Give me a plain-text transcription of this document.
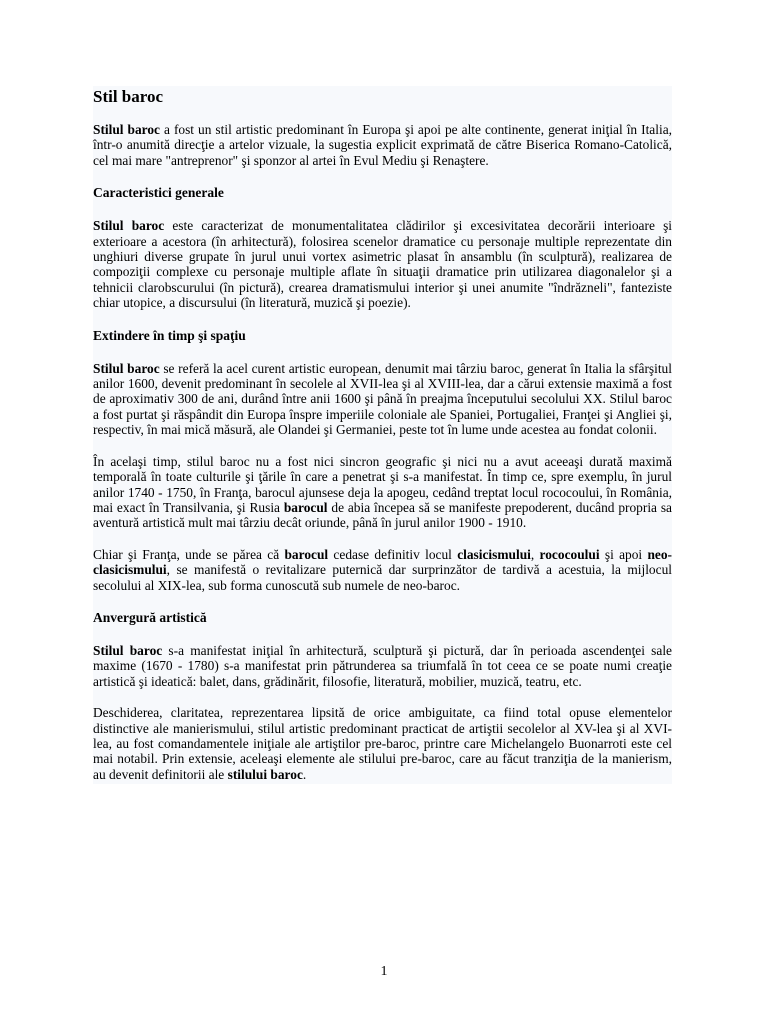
Stil baroc

Stilul baroc a fost un stil artistic predominant în Europa şi apoi pe alte continente, generat iniţial în Italia, într-o anumită direcţie a artelor vizuale, la sugestia explicit exprimată de către Biserica Romano-Catolică, cel mai mare "antreprenor" şi sponzor al artei în Evul Mediu şi Renaştere.

Caracteristici generale

Stilul baroc este caracterizat de monumentalitatea clădirilor şi excesivitatea decorării interioare şi exterioare a acestora (în arhitectură), folosirea scenelor dramatice cu personaje multiple reprezentate din unghiuri diverse grupate în jurul unui vortex asimetric plasat în ansamblu (în sculptură), realizarea de compoziţii complexe cu personaje multiple aflate în situaţii dramatice prin utilizarea diagonalelor şi a tehnicii clarobscurului (în pictură), crearea dramatismului interior şi unei anumite "îndrăzneli", fanteziste chiar utopice, a discursului (în literatură, muzică şi poezie).

Extindere în timp şi spaţiu

Stilul baroc se referă la acel curent artistic european, denumit mai târziu baroc, generat în Italia la sfârşitul anilor 1600, devenit predominant în secolele al XVII-lea şi al XVIII-lea, dar a cărui extensie maximă a fost de aproximativ 300 de ani, durând între anii 1600 şi până în preajma începutului secolului XX. Stilul baroc a fost purtat şi răspândit din Europa înspre imperiile coloniale ale Spaniei, Portugaliei, Franţei şi Angliei şi, respectiv, în mai mică măsură, ale Olandei şi Germaniei, peste tot în lume unde acestea au fondat colonii.

În acelaşi timp, stilul baroc nu a fost nici sincron geografic şi nici nu a avut aceeaşi durată maximă temporală în toate culturile şi ţările în care a penetrat şi s-a manifestat. În timp ce, spre exemplu, în jurul anilor 1740 - 1750, în Franţa, barocul ajunsese deja la apogeu, cedând treptat locul rococoului, în România, mai exact în Transilvania, şi Rusia barocul de abia începea să se manifeste prepoderent, ducând propria sa aventură artistică mult mai târziu decât oriunde, până în jurul anilor 1900 - 1910.

Chiar şi Franţa, unde se părea că barocul cedase definitiv locul clasicismului, rococoului şi apoi neo-clasicismului, se manifestă o revitalizare puternică dar surprinzător de tardivă a acestuia, la mijlocul secolului al XIX-lea, sub forma cunoscută sub numele de neo-baroc.

Anvergură artistică

Stilul baroc s-a manifestat iniţial în arhitectură, sculptură şi pictură, dar în perioada ascendenţei sale maxime (1670 - 1780) s-a manifestat prin pătrunderea sa triumfală în tot ceea ce se poate numi creaţie artistică şi ideatică: balet, dans, grădinărit, filosofie, literatură, mobilier, muzică, teatru, etc.

Deschiderea, claritatea, reprezentarea lipsită de orice ambiguitate, ca fiind total opuse elementelor distinctive ale manierismului, stilul artistic predominant practicat de artiştii secolelor al XV-lea şi al XVI-lea, au fost comandamentele iniţiale ale artiştilor pre-baroc, printre care Michelangelo Buonarroti este cel mai notabil. Prin extensie, aceleaşi elemente ale stilului pre-baroc, care au făcut tranziţia de la manierism, au devenit definitorii ale stilului baroc.

1
